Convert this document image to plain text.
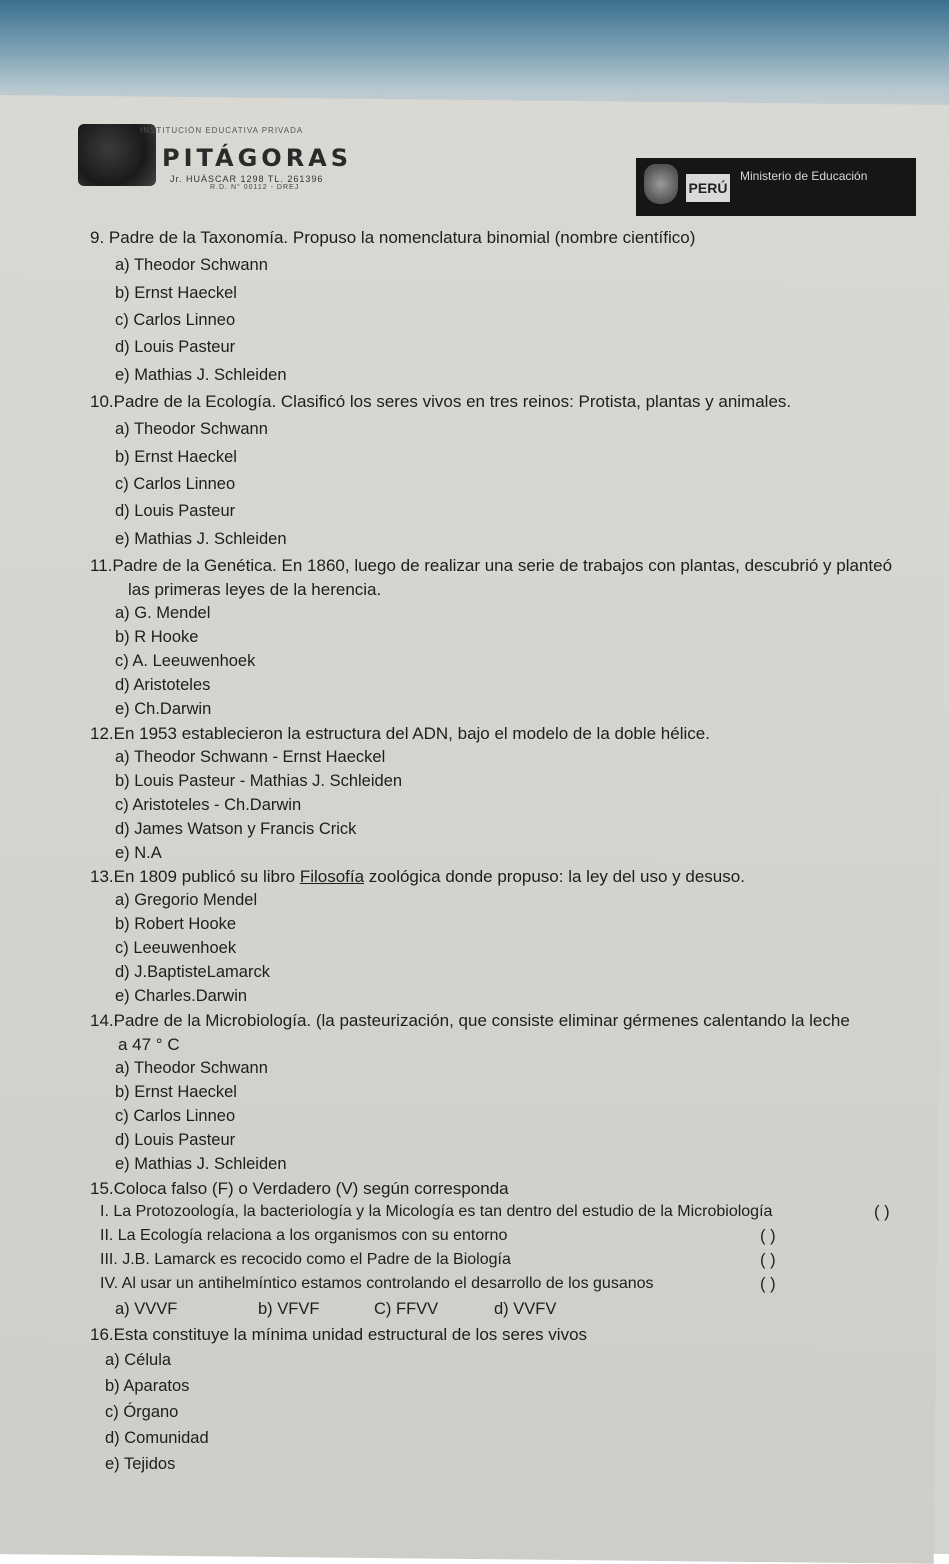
INSTITUCIÓN EDUCATIVA PRIVADA
PITÁGORAS
Jr. HUÁSCAR 1298 TL. 261396
R.D. N° 00112 - DREJ	PERÚ
Ministerio de Educación
9. Padre de la Taxonomía. Propuso la nomenclatura binomial (nombre científico)
a) Theodor Schwann
b) Ernst Haeckel
c) Carlos Linneo
d) Louis Pasteur
e) Mathias J. Schleiden
10.Padre de la Ecología. Clasificó los seres vivos en tres reinos: Protista, plantas y animales.
a) Theodor Schwann
b) Ernst Haeckel
c) Carlos Linneo
d) Louis Pasteur
e) Mathias J. Schleiden
11.Padre de la Genética. En 1860, luego de realizar una serie de trabajos con plantas, descubrió y planteó
las primeras leyes de la herencia.
a) G. Mendel
b) R Hooke
c) A. Leeuwenhoek
d) Aristoteles
e) Ch.Darwin
12.En 1953 establecieron la estructura del ADN, bajo el modelo de la doble hélice.
a) Theodor Schwann - Ernst Haeckel
b) Louis Pasteur - Mathias J. Schleiden
c) Aristoteles - Ch.Darwin
d) James Watson y Francis Crick
e) N.A
13.En 1809 publicó su libro Filosofía zoológica donde propuso: la ley del uso y desuso.
a) Gregorio Mendel
b) Robert Hooke
c) Leeuwenhoek
d) J.BaptisteLamarck
e) Charles.Darwin
14.Padre de la Microbiología. (la pasteurización, que consiste eliminar gérmenes calentando la leche
a 47 ° C
a) Theodor Schwann
b) Ernst Haeckel
c) Carlos Linneo
d) Louis Pasteur
e) Mathias J. Schleiden
15.Coloca falso (F) o Verdadero (V) según corresponda
I. La Protozoología, la bacteriología y la Micología es tan dentro del estudio de la Microbiología	( )
II. La Ecología relaciona a los organismos con su entorno	( )
III. J.B. Lamarck es recocido como el Padre de la Biología	( )
IV. Al usar un antihelmíntico estamos controlando el desarrollo de los gusanos	( )
a) VVVF	b) VFVF	C) FFVV	d) VVFV
16.Esta constituye la mínima unidad estructural de los seres vivos
a) Célula
b) Aparatos
c) Órgano
d) Comunidad
e) Tejidos
